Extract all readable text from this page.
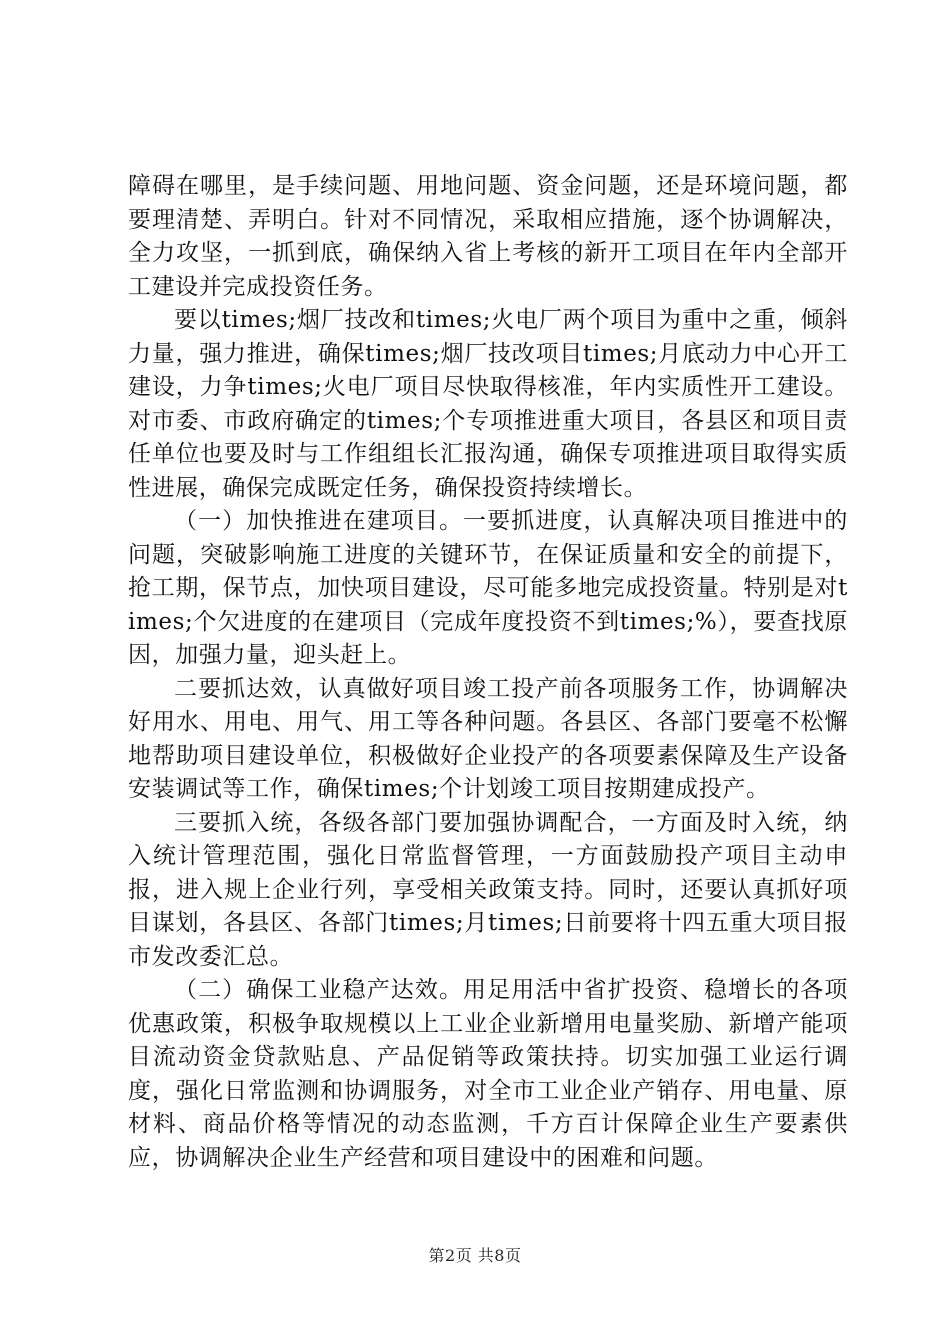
障碍在哪里，是手续问题、用地问题、资金问题，还是环境问题，都要理清楚、弄明白。针对不同情况，采取相应措施，逐个协调解决，全力攻坚，一抓到底，确保纳入省上考核的新开工项目在年内全部开工建设并完成投资任务。

要以times;烟厂技改和times;火电厂两个项目为重中之重，倾斜力量，强力推进，确保times;烟厂技改项目times;月底动力中心开工建设，力争times;火电厂项目尽快取得核准，年内实质性开工建设。对市委、市政府确定的times;个专项推进重大项目，各县区和项目责任单位也要及时与工作组组长汇报沟通，确保专项推进项目取得实质性进展，确保完成既定任务，确保投资持续增长。

（一）加快推进在建项目。一要抓进度，认真解决项目推进中的问题，突破影响施工进度的关键环节，在保证质量和安全的前提下，抢工期，保节点，加快项目建设，尽可能多地完成投资量。特别是对times;个欠进度的在建项目（完成年度投资不到times;%），要查找原因，加强力量，迎头赶上。

二要抓达效，认真做好项目竣工投产前各项服务工作，协调解决好用水、用电、用气、用工等各种问题。各县区、各部门要毫不松懈地帮助项目建设单位，积极做好企业投产的各项要素保障及生产设备安装调试等工作，确保times;个计划竣工项目按期建成投产。

三要抓入统，各级各部门要加强协调配合，一方面及时入统，纳入统计管理范围，强化日常监督管理，一方面鼓励投产项目主动申报，进入规上企业行列，享受相关政策支持。同时，还要认真抓好项目谋划，各县区、各部门times;月times;日前要将十四五重大项目报市发改委汇总。

（二）确保工业稳产达效。用足用活中省扩投资、稳增长的各项优惠政策，积极争取规模以上工业企业新增用电量奖励、新增产能项目流动资金贷款贴息、产品促销等政策扶持。切实加强工业运行调度，强化日常监测和协调服务，对全市工业企业产销存、用电量、原材料、商品价格等情况的动态监测，千方百计保障企业生产要素供应，协调解决企业生产经营和项目建设中的困难和问题。

第2页 共8页
